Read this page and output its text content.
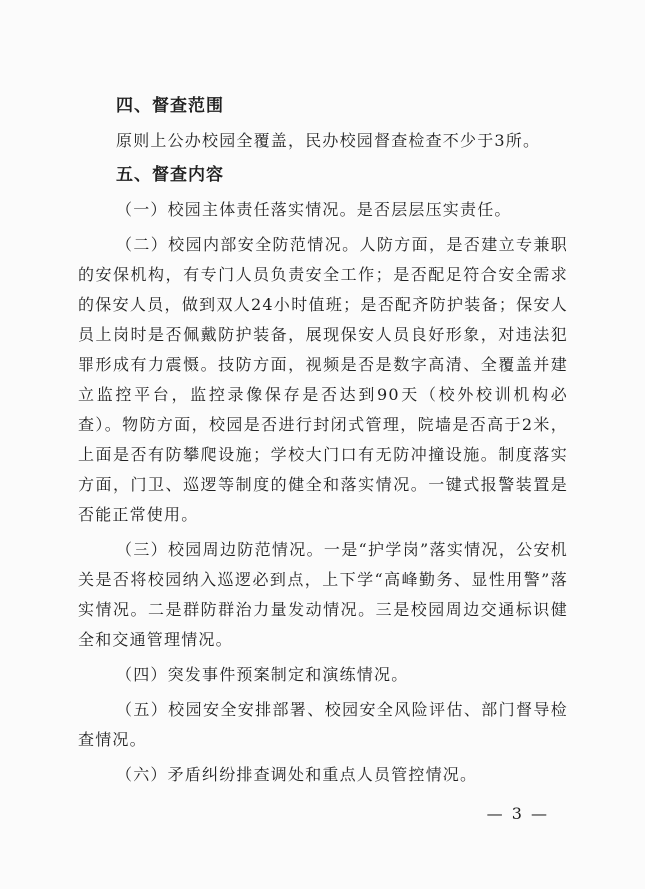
四、督查范围

原则上公办校园全覆盖，民办校园督查检查不少于3所。

五、督查内容

（一）校园主体责任落实情况。是否层层压实责任。

（二）校园内部安全防范情况。人防方面，是否建立专兼职的安保机构，有专门人员负责安全工作；是否配足符合安全需求的保安人员，做到双人24小时值班；是否配齐防护装备；保安人员上岗时是否佩戴防护装备，展现保安人员良好形象，对违法犯罪形成有力震慑。技防方面，视频是否是数字高清、全覆盖并建立监控平台，监控录像保存是否达到90天（校外校训机构必查）。物防方面，校园是否进行封闭式管理，院墙是否高于2米，上面是否有防攀爬设施；学校大门口有无防冲撞设施。制度落实方面，门卫、巡逻等制度的健全和落实情况。一键式报警装置是否能正常使用。

（三）校园周边防范情况。一是“护学岗”落实情况，公安机关是否将校园纳入巡逻必到点，上下学“高峰勤务、显性用警”落实情况。二是群防群治力量发动情况。三是校园周边交通标识健全和交通管理情况。

（四）突发事件预案制定和演练情况。

（五）校园安全安排部署、校园安全风险评估、部门督导检查情况。

（六）矛盾纠纷排查调处和重点人员管控情况。

— 3 —
